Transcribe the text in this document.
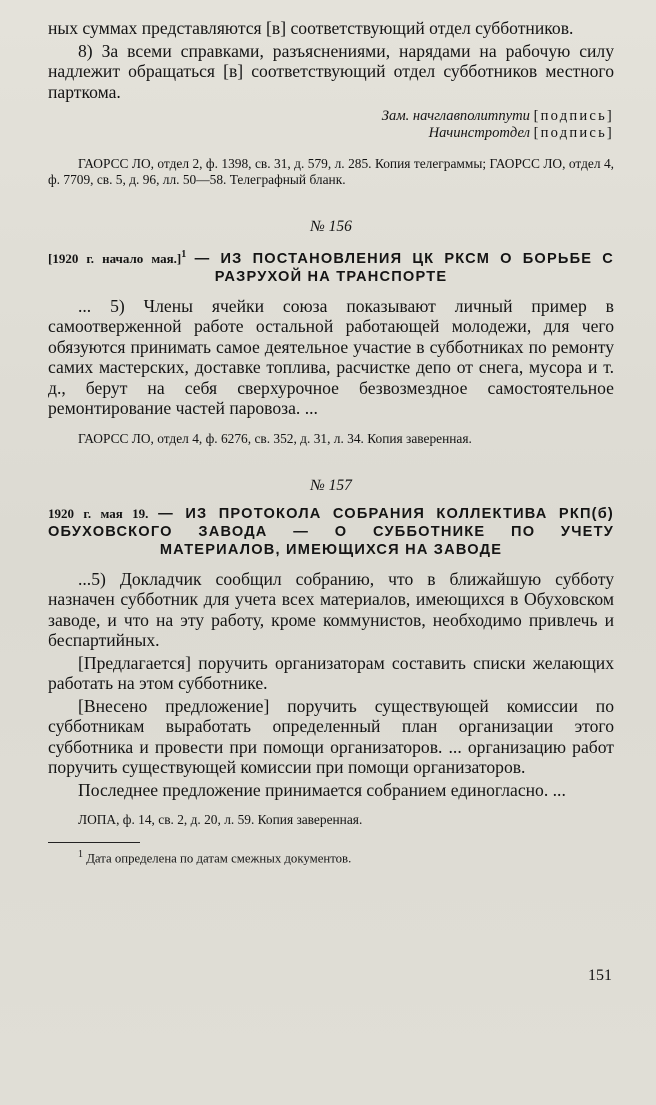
ных суммах представляются [в] соответствующий отдел субботников.

8) За всеми справками, разъяснениями, нарядами на рабочую силу надлежит обращаться [в] соответствующий отдел субботников местного парткома.

Зам. начглавполитпути [подпись]

Начинстротдел [подпись]

ГАОРСС ЛО, отдел 2, ф. 1398, св. 31, д. 579, л. 285. Копия телеграммы; ГАОРСС ЛО, отдел 4, ф. 7709, св. 5, д. 96, лл. 50—58. Телеграфный бланк.

№ 156

[1920 г. начало мая.]$^1$ — ИЗ ПОСТАНОВЛЕНИЯ ЦК РКСМ О БОРЬБЕ С РАЗРУХОЙ НА ТРАНСПОРТЕ

... 5) Члены ячейки союза показывают личный пример в самоотверженной работе остальной работающей молодежи, для чего обязуются принимать самое деятельное участие в субботниках по ремонту самих мастерских, доставке топлива, расчистке депо от снега, мусора и т. д., берут на себя сверхурочное безвозмездное самостоятельное ремонтирование частей паровоза. ...

ГАОРСС ЛО, отдел 4, ф. 6276, св. 352, д. 31, л. 34. Копия заверенная.

№ 157

1920 г. мая 19. — ИЗ ПРОТОКОЛА СОБРАНИЯ КОЛЛЕКТИВА РКП(б) ОБУХОВСКОГО ЗАВОДА — О СУББОТНИКЕ ПО УЧЕТУ МАТЕРИАЛОВ, ИМЕЮЩИХСЯ НА ЗАВОДЕ

...5) Докладчик сообщил собранию, что в ближайшую субботу назначен субботник для учета всех материалов, имеющихся в Обуховском заводе, и что на эту работу, кроме коммунистов, необходимо привлечь и беспартийных.

[Предлагается] поручить организаторам составить списки желающих работать на этом субботнике.

[Внесено предложение] поручить существующей комиссии по субботникам выработать определенный план организации этого субботника и провести при помощи организаторов. ... организацию работ поручить существующей комиссии при помощи организаторов.

Последнее предложение принимается собранием единогласно. ...

ЛОПА, ф. 14, св. 2, д. 20, л. 59. Копия заверенная.

$^1$ Дата определена по датам смежных документов.

151
